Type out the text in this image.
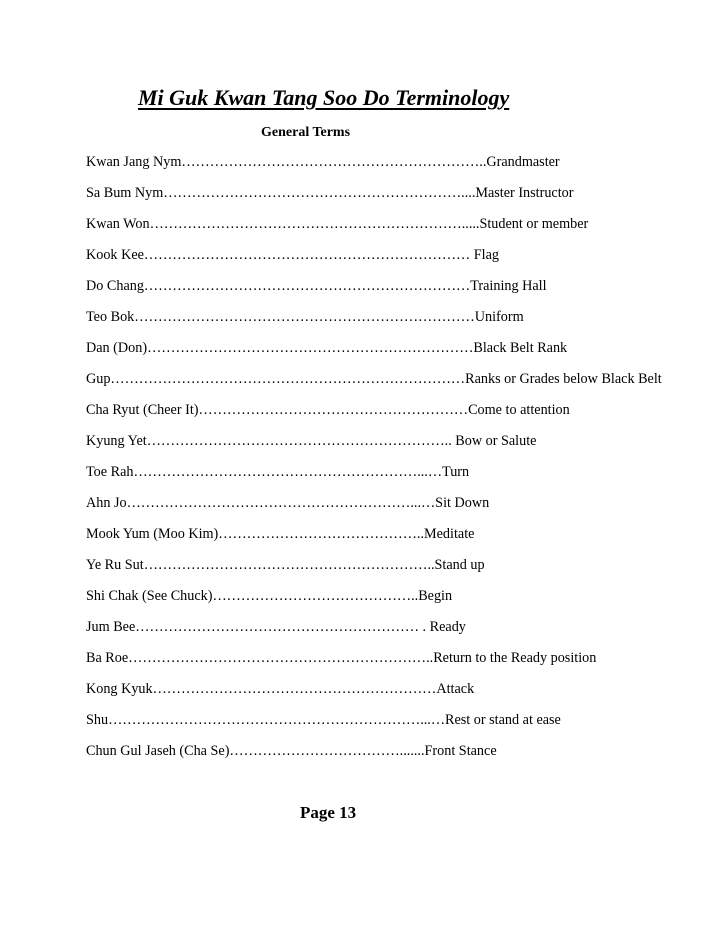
Mi Guk Kwan Tang Soo Do Terminology
General Terms
Kwan Jang Nym………………………………………………………..Grandmaster
Sa Bum Nym………………………………………………………....Master Instructor
Kwan Won………………………………………………………….....Student or member
Kook Kee…………………………………………………………… Flag
Do Chang……………………………………………………………Training Hall
Teo Bok………………………………………………………………Uniform
Dan (Don)……………………………………………………………Black Belt Rank
Gup…………………………………………………………………Ranks or Grades below Black Belt
Cha Ryut (Cheer It)…………………………………………………Come to attention
Kyung Yet……………………………………………………….. Bow or Salute
Toe Rah……………………………………………………...…Turn
Ahn Jo……………………………………………………...…Sit Down
Mook Yum (Moo Kim)……………………………………..Meditate
Ye Ru Sut……………………………………………………..Stand up
Shi Chak (See Chuck)……………………………………..Begin
Jum Bee…………………………………………………… . Ready
Ba Roe………………………………………………………..Return to the Ready position
Kong Kyuk……………………………………………………Attack
Shu…………………………………………………………...…Rest or stand at ease
Chun Gul Jaseh (Cha Se)……………………………….......Front Stance
Page 13
